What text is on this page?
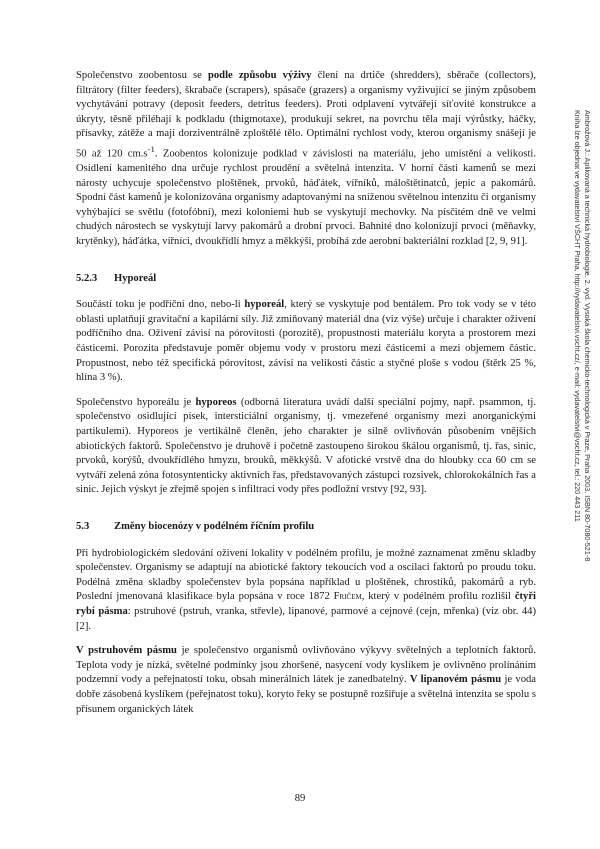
Ambrožová J.: Aplikovaná a technická hydrobiologie. 2. vyd. Vysoká škola chemicko-technologická v Praze, Praha 2003. ISBN 80-7080-521-8
Kniha lze objednat ve vydavatelství VŠCHT Praha, http://vydavatelstvi.vscht.cz/, e-mail: vydavatelstvi@vscht.cz, tel.: 220 443 211

Společenstvo zoobentosu se podle způsobu výživy člení na drtiče (shredders), sběrače (collectors), filtrátory (filter feeders), škrabače (scrapers), spásače (grazers) a organismy vyživující se jiným způsobem vychytávání potravy (deposit feeders, detritus feeders). Proti odplavení vytvářejí síťovité konstrukce a úkryty, těsně přiléhají k podkladu (thigmotaxe), produkují sekret, na povrchu těla mají výrůstky, háčky, přísavky, zátěže a mají dorziventrálně zploštělé tělo. Optimální rychlost vody, kterou organismy snášejí je 50 až 120 $cm.s^{-1}$. Zoobentos kolonizuje podklad v závislosti na materiálu, jeho umístění a velikosti. Osídlení kamenitého dna určuje rychlost proudění a světelná intenzita. V horní části kamenů se mezi nárosty uchycuje společenstvo ploštěnek, prvoků, háďátek, vířníků, máloštětinatců, jepic a pakomárů. Spodní část kamenů je kolonizována organismy adaptovanými na sníženou světelnou intenzitu či organismy vyhýbající se světlu (fotofóbní), mezi koloniemi hub se vyskytují mechovky. Na písčitém dně ve velmi chudých nárostech se vyskytují larvy pakomárů a drobní prvoci. Bahnité dno kolonizují prvoci (měňavky, krytěnky), háďátka, vířníci, dvoukřídlí hmyz a měkkýši, probíhá zde aerobní bakteriální rozklad [2, 9, 91].

5.2.3	Hyporeál

Součástí toku je podříční dno, nebo-li hyporeál, který se vyskytuje pod bentálem. Pro tok vody se v této oblasti uplatňují gravitační a kapilární síly. Již zmiňovaný materiál dna (viz výše) určuje i charakter oživení podříčního dna. Oživení závisí na pórovitosti (porozitě), propustnosti materiálu koryta a prostorem mezi částicemi. Porozita představuje poměr objemu vody v prostoru mezi částicemi a mezi objemem částic. Propustnost, nebo též specifická pórovitost, závisí na velikosti částic a styčné ploše s vodou (štěrk 25 %, hlína 3 %).

Společenstvo hyporeálu je hyporeos (odborná literatura uvádí další speciální pojmy, např. psammon, tj. společenstvo osidlující písek, intersticiální organismy, tj. vmezeřené organismy mezi anorganickými partikulemi). Hyporeos je vertikálně členěn, jeho charakter je silně ovlivňován působením vnějších abiotických faktorů. Společenstvo je druhově i početně zastoupeno širokou škálou organismů, tj. řas, sinic, prvoků, korýšů, dvoukřídlého hmyzu, brouků, měkkýšů. V afotické vrstvě dna do hloubky cca 60 cm se vytváří zelená zóna fotosyntenticky aktivních řas, představovaných zástupci rozsivek, chlorokokálních řas a sinic. Jejich výskyt je zřejmě spojen s infiltrací vody přes podložní vrstvy [92, 93].

5.3	Změny biocenózy v podélném říčním profilu

Při hydrobiologickém sledování oživení lokality v podélném profilu, je možné zaznamenat změnu skladby společenstev. Organismy se adaptují na abiotické faktory tekoucích vod a oscilaci faktorů po proudu toku. Podélná změna skladby společenstev byla popsána například u ploštěnek, chrostíků, pakomárů a ryb. Poslední jmenovaná klasifikace byla popsána v roce 1872 Fričem, který v podélném profilu rozlišil čtyři rybí pásma: pstruhové (pstruh, vranka, střevle), lipanové, parmové a cejnové (cejn, mřenka) (viz obr. 44) [2].

V pstruhovém pásmu je společenstvo organismů ovlivňováno výkyvy světelných a teplotních faktorů. Teplota vody je nízká, světelné podmínky jsou zhoršené, nasycení vody kyslíkem je ovlivněno prolínáním podzemní vody a peřejnatostí toku, obsah minerálních látek je zanedbatelný. V lipanovém pásmu je voda dobře zásobená kyslíkem (peřejnatost toku), koryto řeky se postupně rozšiřuje a světelná intenzita se spolu s přísunem organických látek

89
